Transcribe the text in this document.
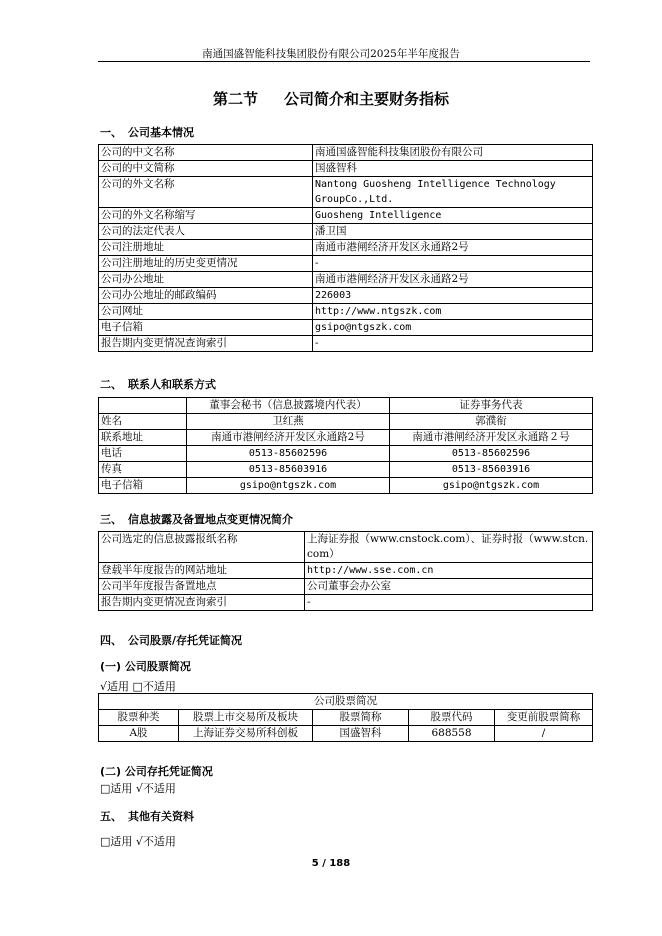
南通国盛智能科技集团股份有限公司2025年半年度报告
第二节 公司简介和主要财务指标
一、 公司基本情况
公司的中文名称	南通国盛智能科技集团股份有限公司
公司的中文简称	国盛智科
公司的外文名称	Nantong Guosheng Intelligence Technology GroupCo.,Ltd.
公司的外文名称缩写	Guosheng Intelligence
公司的法定代表人	潘卫国
公司注册地址	南通市港闸经济开发区永通路2号
公司注册地址的历史变更情况	-
公司办公地址	南通市港闸经济开发区永通路2号
公司办公地址的邮政编码	226003
公司网址	http://www.ntgszk.com
电子信箱	gsipo@ntgszk.com
报告期内变更情况查询索引	-
二、 联系人和联系方式
	董事会秘书（信息披露境内代表）	证券事务代表
姓名	卫红燕	郭濮衔
联系地址	南通市港闸经济开发区永通路2号	南通市港闸经济开发区永通路２号
电话	0513-85602596	0513-85602596
传真	0513-85603916	0513-85603916
电子信箱	gsipo@ntgszk.com	gsipo@ntgszk.com
三、 信息披露及备置地点变更情况简介
公司选定的信息披露报纸名称	上海证券报（www.cnstock.com）、证券时报（www.stcn.com）
登载半年度报告的网站地址	http://www.sse.com.cn
公司半年度报告备置地点	公司董事会办公室
报告期内变更情况查询索引	-
四、 公司股票/存托凭证简况
(一) 公司股票简况
√适用 □不适用
公司股票简况				
股票种类	股票上市交易所及板块	股票简称	股票代码	变更前股票简称
A股	上海证券交易所科创板	国盛智科	688558	/
(二) 公司存托凭证简况
□适用 √不适用
五、 其他有关资料
□适用 √不适用
5 / 188
